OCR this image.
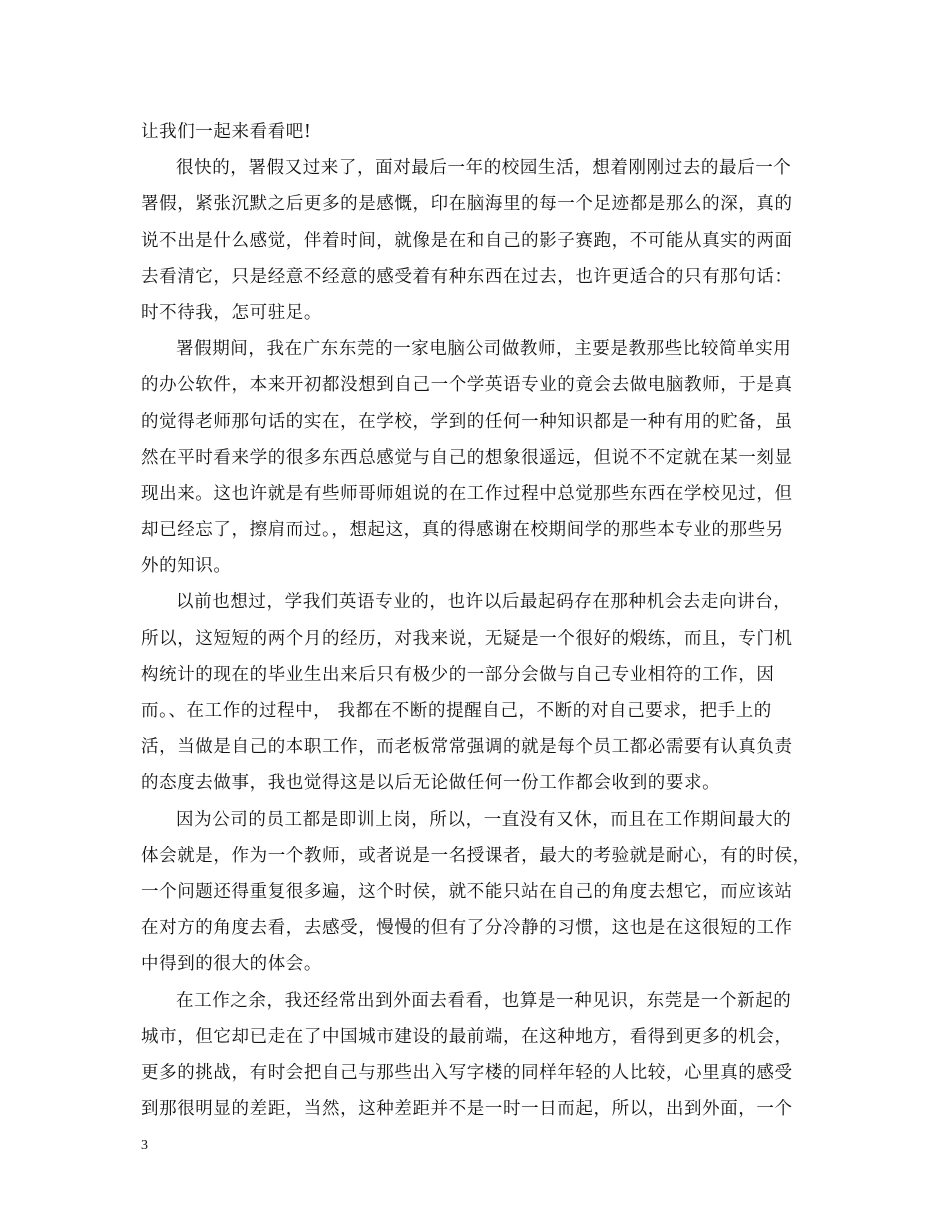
让我们一起来看看吧!
很快的，署假又过来了，面对最后一年的校园生活，想着刚刚过去的最后一个
署假，紧张沉默之后更多的是感慨，印在脑海里的每一个足迹都是那么的深，真的
说不出是什么感觉，伴着时间，就像是在和自己的影子赛跑，不可能从真实的两面
去看清它，只是经意不经意的感受着有种东西在过去，也许更适合的只有那句话：
时不待我，怎可驻足。
署假期间，我在广东东莞的一家电脑公司做教师，主要是教那些比较简单实用
的办公软件，本来开初都没想到自己一个学英语专业的竟会去做电脑教师，于是真
的觉得老师那句话的实在，在学校，学到的任何一种知识都是一种有用的贮备，虽
然在平时看来学的很多东西总感觉与自己的想象很遥远，但说不不定就在某一刻显
现出来。这也许就是有些师哥师姐说的在工作过程中总觉那些东西在学校见过，但
却已经忘了，擦肩而过。，想起这，真的得感谢在校期间学的那些本专业的那些另
外的知识。
以前也想过，学我们英语专业的，也许以后最起码存在那种机会去走向讲台，
所以，这短短的两个月的经历，对我来说，无疑是一个很好的煅练，而且，专门机
构统计的现在的毕业生出来后只有极少的一部分会做与自己专业相符的工作，因
而。、在工作的过程中， 我都在不断的提醒自己，不断的对自己要求，把手上的
活，当做是自己的本职工作，而老板常常强调的就是每个员工都必需要有认真负责
的态度去做事，我也觉得这是以后无论做任何一份工作都会收到的要求。
因为公司的员工都是即训上岗，所以，一直没有又休，而且在工作期间最大的
体会就是，作为一个教师，或者说是一名授课者，最大的考验就是耐心，有的时侯，
一个问题还得重复很多遍，这个时侯，就不能只站在自己的角度去想它，而应该站
在对方的角度去看，去感受，慢慢的但有了分冷静的习惯，这也是在这很短的工作
中得到的很大的体会。
在工作之余，我还经常出到外面去看看，也算是一种见识，东莞是一个新起的
城市，但它却已走在了中国城市建设的最前端，在这种地方，看得到更多的机会，
更多的挑战，有时会把自己与那些出入写字楼的同样年轻的人比较，心里真的感受
到那很明显的差距，当然，这种差距并不是一时一日而起，所以，出到外面，一个
3
